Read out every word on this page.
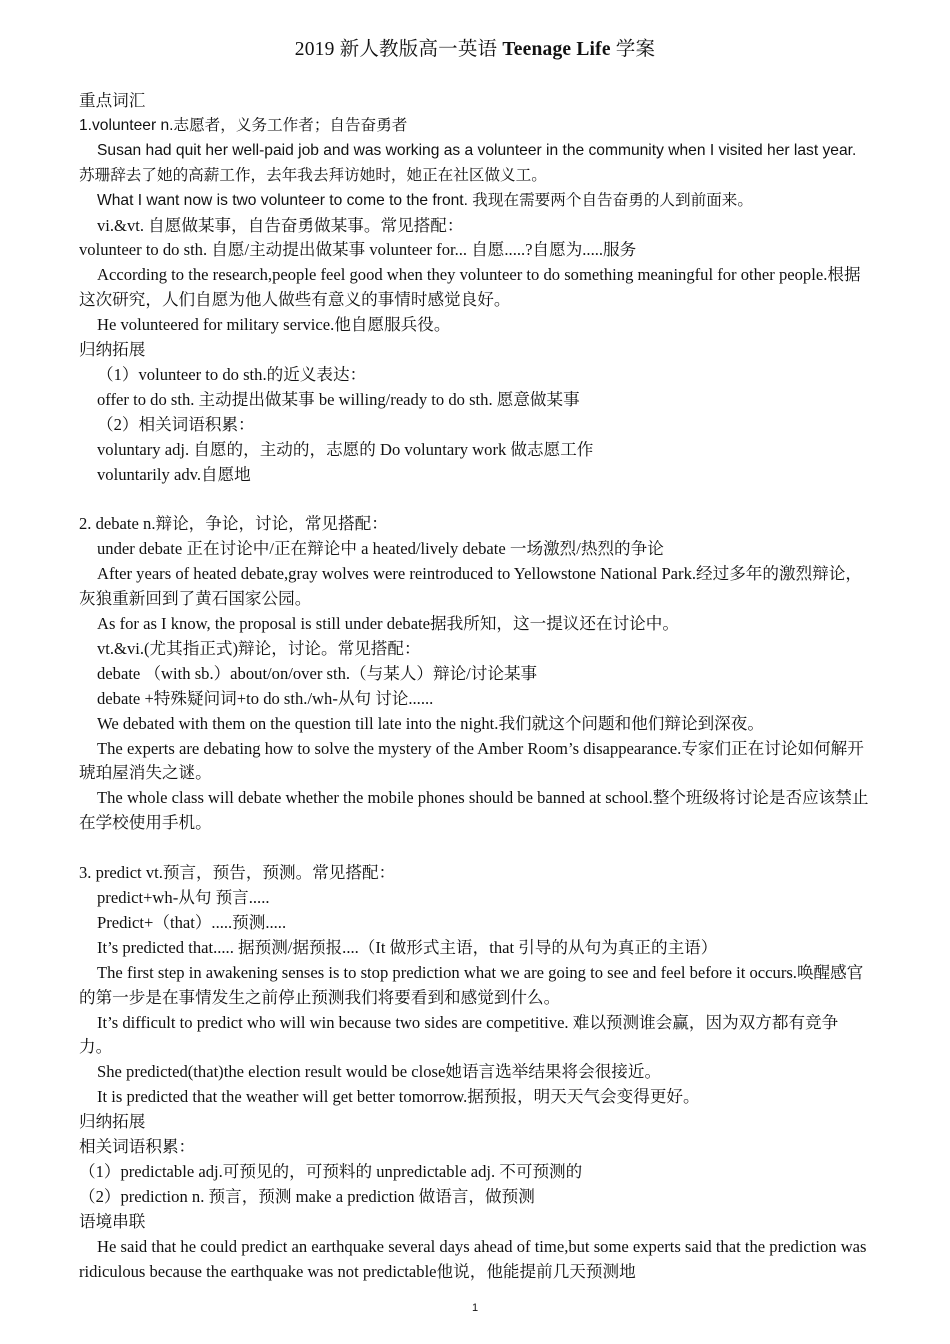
2019 新人教版高一英语 Teenage Life 学案

重点词汇

1.volunteer n.志愿者，义务工作者；自告奋勇者

Susan had quit her well-paid job and was working as a volunteer in the community when I visited her last year.苏珊辞去了她的高薪工作，去年我去拜访她时，她正在社区做义工。

What I want now is two volunteer to come to the front. 我现在需要两个自告奋勇的人到前面来。

vi.&vt. 自愿做某事，自告奋勇做某事。常见搭配：

volunteer to do sth. 自愿/主动提出做某事 volunteer for... 自愿.....?自愿为.....服务

According to the research,people feel good when they volunteer to do something meaningful for other people.根据这次研究，人们自愿为他人做些有意义的事情时感觉良好。

He volunteered for military service.他自愿服兵役。

归纳拓展

（1）volunteer to do sth.的近义表达：

offer to do sth. 主动提出做某事 be willing/ready to do sth. 愿意做某事

（2）相关词语积累：

voluntary adj. 自愿的，主动的，志愿的 Do voluntary work 做志愿工作

voluntarily adv.自愿地

2. debate n.辩论，争论，讨论，常见搭配：

under debate 正在讨论中/正在辩论中 a heated/lively debate 一场激烈/热烈的争论

After years of heated debate,gray wolves were reintroduced to Yellowstone National Park.经过多年的激烈辩论，灰狼重新回到了黄石国家公园。

As for as I know, the proposal is still under debate据我所知，这一提议还在讨论中。

vt.&vi.(尤其指正式)辩论，讨论。常见搭配：

debate （with sb.）about/on/over sth.（与某人）辩论/讨论某事

debate +特殊疑问词+to do sth./wh-从句 讨论......

We debated with them on the question till late into the night.我们就这个问题和他们辩论到深夜。

The experts are debating how to solve the mystery of the Amber Room’s disappearance.专家们正在讨论如何解开琥珀屋消失之谜。

The whole class will debate whether the mobile phones should be banned at school.整个班级将讨论是否应该禁止在学校使用手机。

3. predict vt.预言，预告，预测。常见搭配：

predict+wh-从句 预言.....

Predict+（that）.....预测.....

It’s predicted that..... 据预测/据预报....（It 做形式主语，that 引导的从句为真正的主语）

The first step in awakening senses is to stop prediction what we are going to see and feel before it occurs.唤醒感官的第一步是在事情发生之前停止预测我们将要看到和感觉到什么。

It’s difficult to predict who will win because two sides are competitive. 难以预测谁会赢，因为双方都有竞争力。

She predicted(that)the election result would be close她语言选举结果将会很接近。

It is predicted that the weather will get better tomorrow.据预报，明天天气会变得更好。

归纳拓展

相关词语积累：

（1）predictable adj.可预见的，可预料的 unpredictable adj. 不可预测的

（2）prediction n. 预言，预测 make a prediction 做语言，做预测

语境串联

He said that he could predict an earthquake several days ahead of time,but some experts said that the prediction was ridiculous because the earthquake was not predictable他说，他能提前几天预测地

1
